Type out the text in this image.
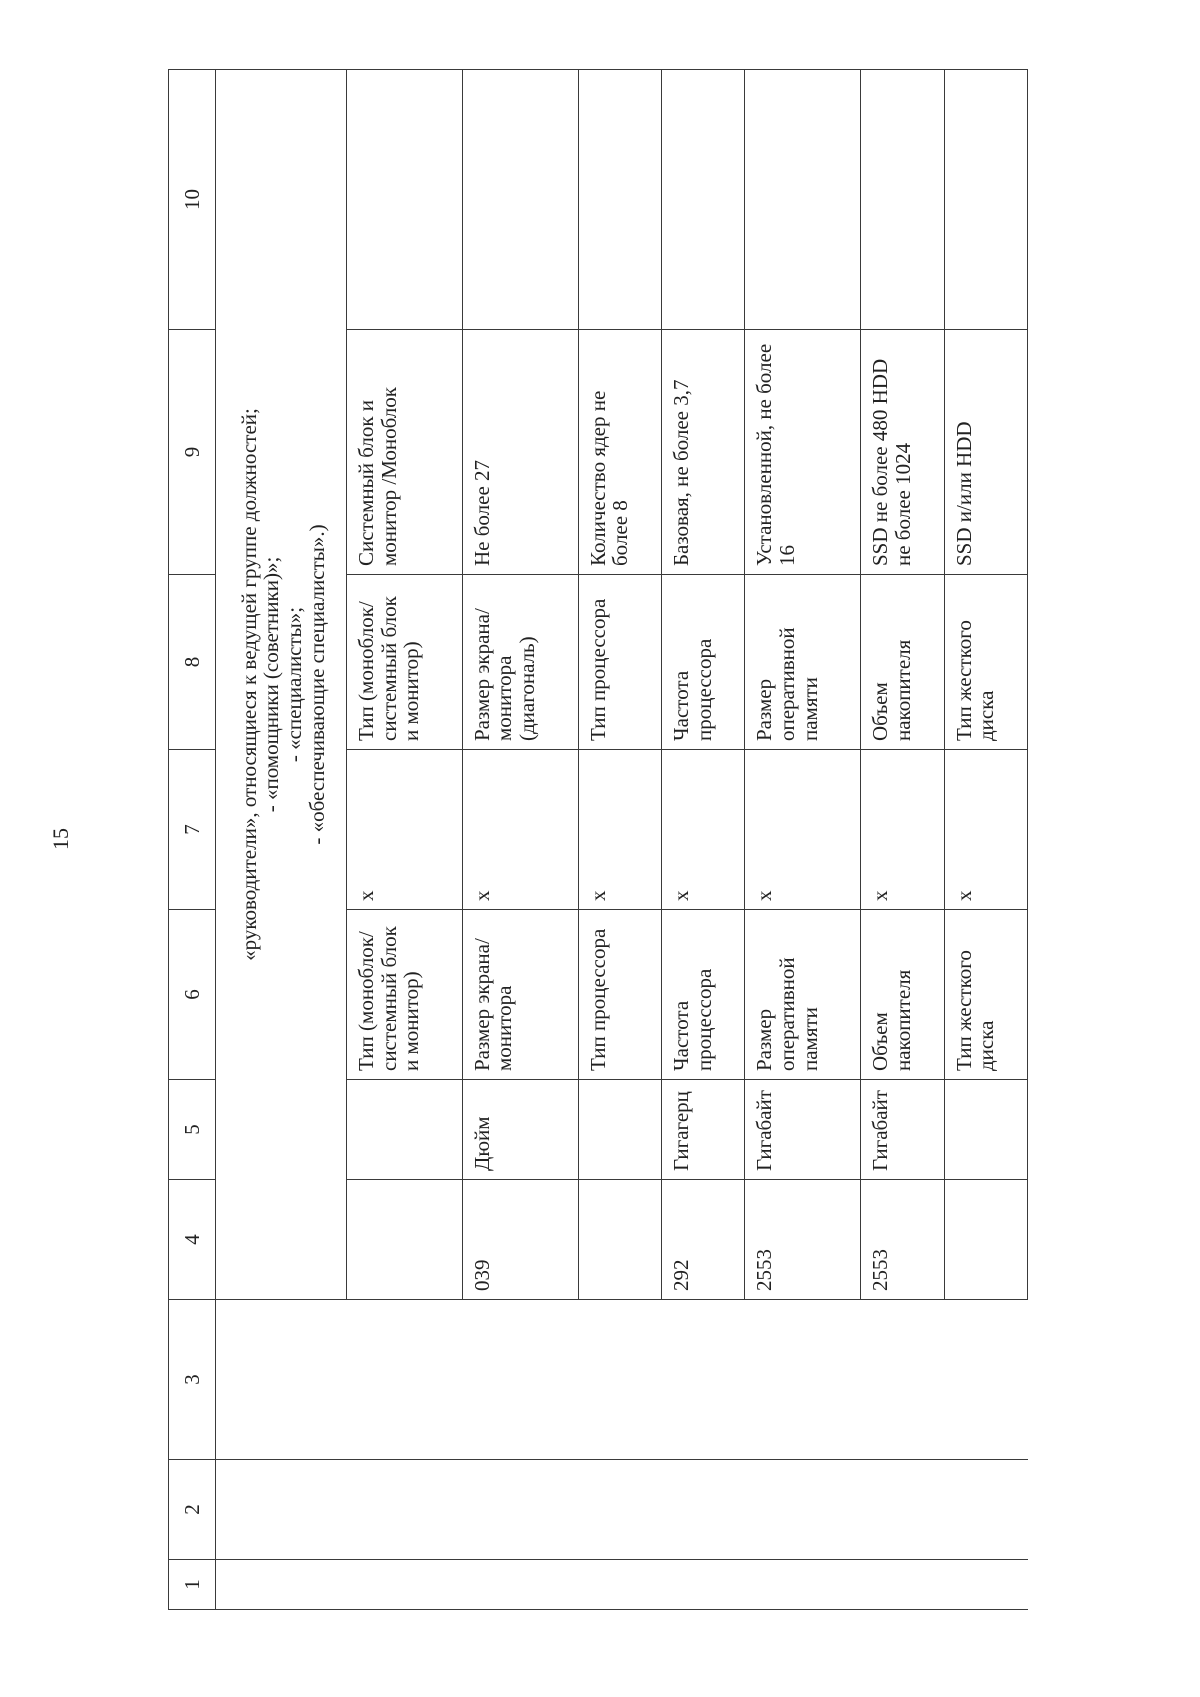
15
1	2	3	4	5	6	7	8	9	10

			«руководители», относящиеся к ведущей группе должностей;
- «помощники (советники)»;
- «специалисты»;
- «обеспечивающие специалисты».)						

					Тип (моноблок/системный блок и монитор)	x	Тип (моноблок/системный блок и монитор)	Системный блок и монитор /Моноблок	
			039	Дюйм	Размер экрана/монитора	x	Размер экрана/монитора (диагональ)	Не более 27	
					Тип процессора	x	Тип процессора	Количество ядер не более 8	
			292	Гигагерц	Частота процессора	x	Частота процессора	Базовая, не более 3,7	
			2553	Гигабайт	Размер оперативной памяти	x	Размер оперативной памяти	Установленной, не более 16	
			2553	Гигабайт	Объем накопителя	x	Объем накопителя	SSD не более 480 HDD не более 1024	
					Тип жесткого диска	x	Тип жесткого диска	SSD и/или HDD	
